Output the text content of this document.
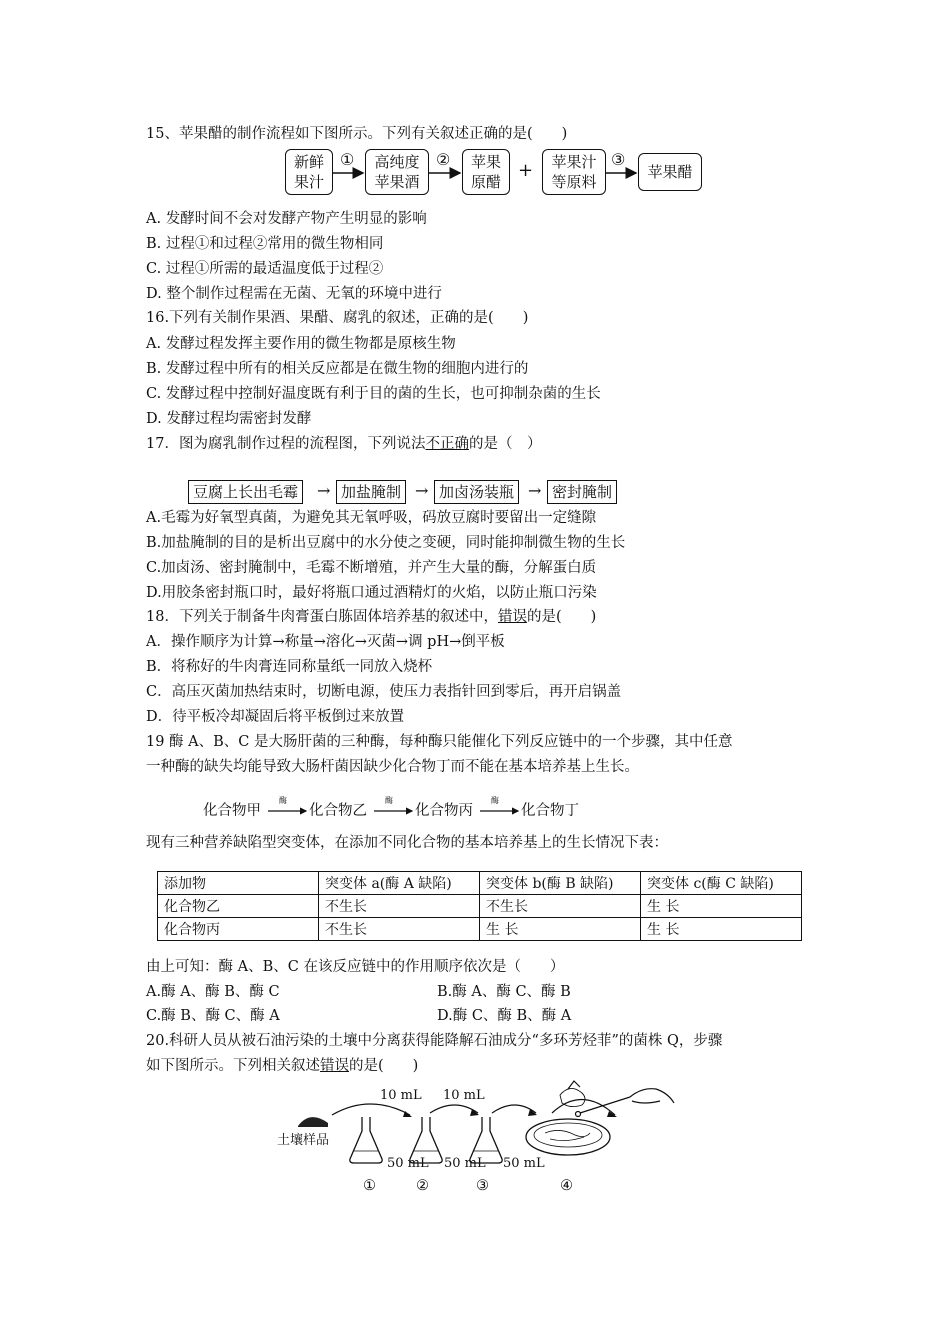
15、苹果醋的制作流程如下图所示。下列有关叙述正确的是(　　)
新鲜
果汁
① 高纯度
苹果酒
② 苹果
原醋
+ 苹果汁
等原料
③
苹果醋
A. 发酵时间不会对发酵产物产生明显的影响
B. 过程①和过程②常用的微生物相同
C. 过程①所需的最适温度低于过程②
D. 整个制作过程需在无菌、无氧的环境中进行
16.下列有关制作果酒、果醋、腐乳的叙述，正确的是(　　)
A. 发酵过程发挥主要作用的微生物都是原核生物
B. 发酵过程中所有的相关反应都是在微生物的细胞内进行的
C. 发酵过程中控制好温度既有利于目的菌的生长，也可抑制杂菌的生长
D. 发酵过程均需密封发酵
17．图为腐乳制作过程的流程图，下列说法不正确的是（　）
豆腐上长出毛霉	→ 加盐腌制 → 加卤汤装瓶 → 密封腌制
A.毛霉为好氧型真菌，为避免其无氧呼吸，码放豆腐时要留出一定缝隙
B.加盐腌制的目的是析出豆腐中的水分使之变硬，同时能抑制微生物的生长
C.加卤汤、密封腌制中，毛霉不断增殖，并产生大量的酶，分解蛋白质
D.用胶条密封瓶口时，最好将瓶口通过酒精灯的火焰，以防止瓶口污染
18．下列关于制备牛肉膏蛋白胨固体培养基的叙述中，错误的是(　　)
A．操作顺序为计算→称量→溶化→灭菌→调 pH→倒平板
B．将称好的牛肉膏连同称量纸一同放入烧杯
C．高压灭菌加热结束时，切断电源，使压力表指针回到零后，再开启锅盖
D．待平板冷却凝固后将平板倒过来放置
19 酶 A、B、C 是大肠肝菌的三种酶，每种酶只能催化下列反应链中的一个步骤，其中任意
一种酶的缺失均能导致大肠杆菌因缺少化合物丁而不能在基本培养基上生长。
化合物甲	化合物乙	化合物丙	化合物丁
酶	酶	酶
现有三种营养缺陷型突变体，在添加不同化合物的基本培养基上的生长情况下表：
添加物	突变体 a(酶 A 缺陷)	突变体 b(酶 B 缺陷)	突变体 c(酶 C 缺陷)
化合物乙	不生长	不生长	生 长
化合物丙	不生长	生 长	生 长
由上可知：酶 A、B、C 在该反应链中的作用顺序依次是（　　）
A.酶 A、酶 B、酶 C	B.酶 A、酶 C、酶 B
C.酶 B、酶 C、酶 A	D.酶 C、酶 B、酶 A
20.科研人员从被石油污染的土壤中分离获得能降解石油成分“多环芳烃菲”的菌株 Q，步骤
如下图所示。下列相关叙述错误的是(　　)
土壤样品
10 mL 10 mL
50 mL 50 mL 50 mL
①	②	③	④
